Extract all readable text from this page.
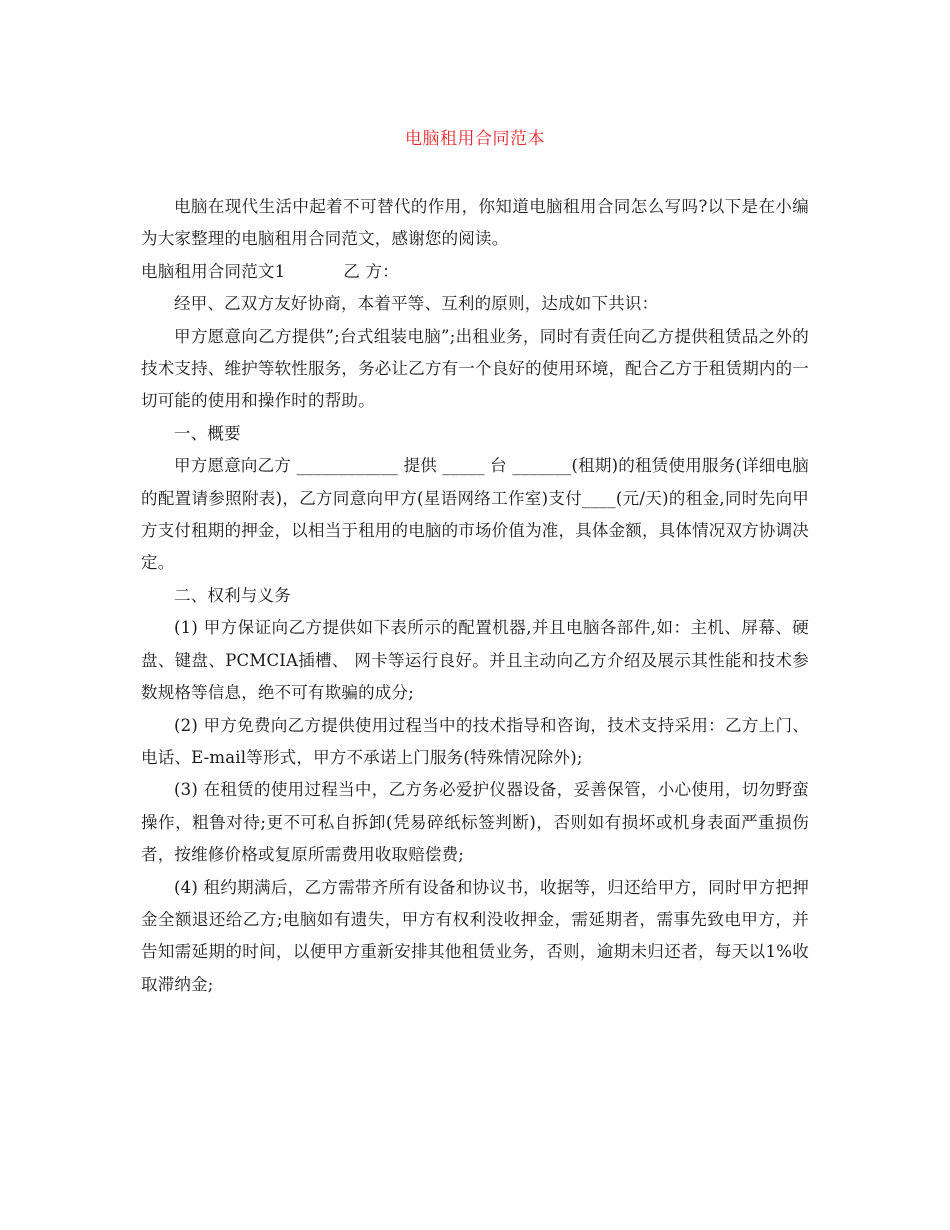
电脑租用合同范本

电脑在现代生活中起着不可替代的作用，你知道电脑租用合同怎么写吗?以下是在小编为大家整理的电脑租用合同范文，感谢您的阅读。

电脑租用合同范文1	乙 方：

经甲、乙双方友好协商，本着平等、互利的原则，达成如下共识：

甲方愿意向乙方提供”;台式组装电脑”;出租业务，同时有责任向乙方提供租赁品之外的技术支持、维护等软性服务，务必让乙方有一个良好的使用环境，配合乙方于租赁期内的一切可能的使用和操作时的帮助。

一、概要

甲方愿意向乙方 ____________ 提供 _____ 台 _______(租期)的租赁使用服务(详细电脑的配置请参照附表)，乙方同意向甲方(星语网络工作室)支付____(元/天)的租金,同时先向甲方支付租期的押金，以相当于租用的电脑的市场价值为准，具体金额，具体情况双方协调决定。

二、权利与义务

(1) 甲方保证向乙方提供如下表所示的配置机器,并且电脑各部件,如：主机、屏幕、硬盘、键盘、PCMCIA插槽、 网卡等运行良好。并且主动向乙方介绍及展示其性能和技术参数规格等信息，绝不可有欺骗的成分;

(2) 甲方免费向乙方提供使用过程当中的技术指导和咨询，技术支持采用：乙方上门、电话、E-mail等形式，甲方不承诺上门服务(特殊情况除外);

(3) 在租赁的使用过程当中，乙方务必爱护仪器设备，妥善保管，小心使用，切勿野蛮操作，粗鲁对待;更不可私自拆卸(凭易碎纸标签判断)，否则如有损坏或机身表面严重损伤者，按维修价格或复原所需费用收取赔偿费;

(4) 租约期满后，乙方需带齐所有设备和协议书，收据等，归还给甲方，同时甲方把押金全额退还给乙方;电脑如有遗失，甲方有权利没收押金，需延期者，需事先致电甲方，并告知需延期的时间，以便甲方重新安排其他租赁业务，否则，逾期未归还者，每天以1%收取滞纳金;
